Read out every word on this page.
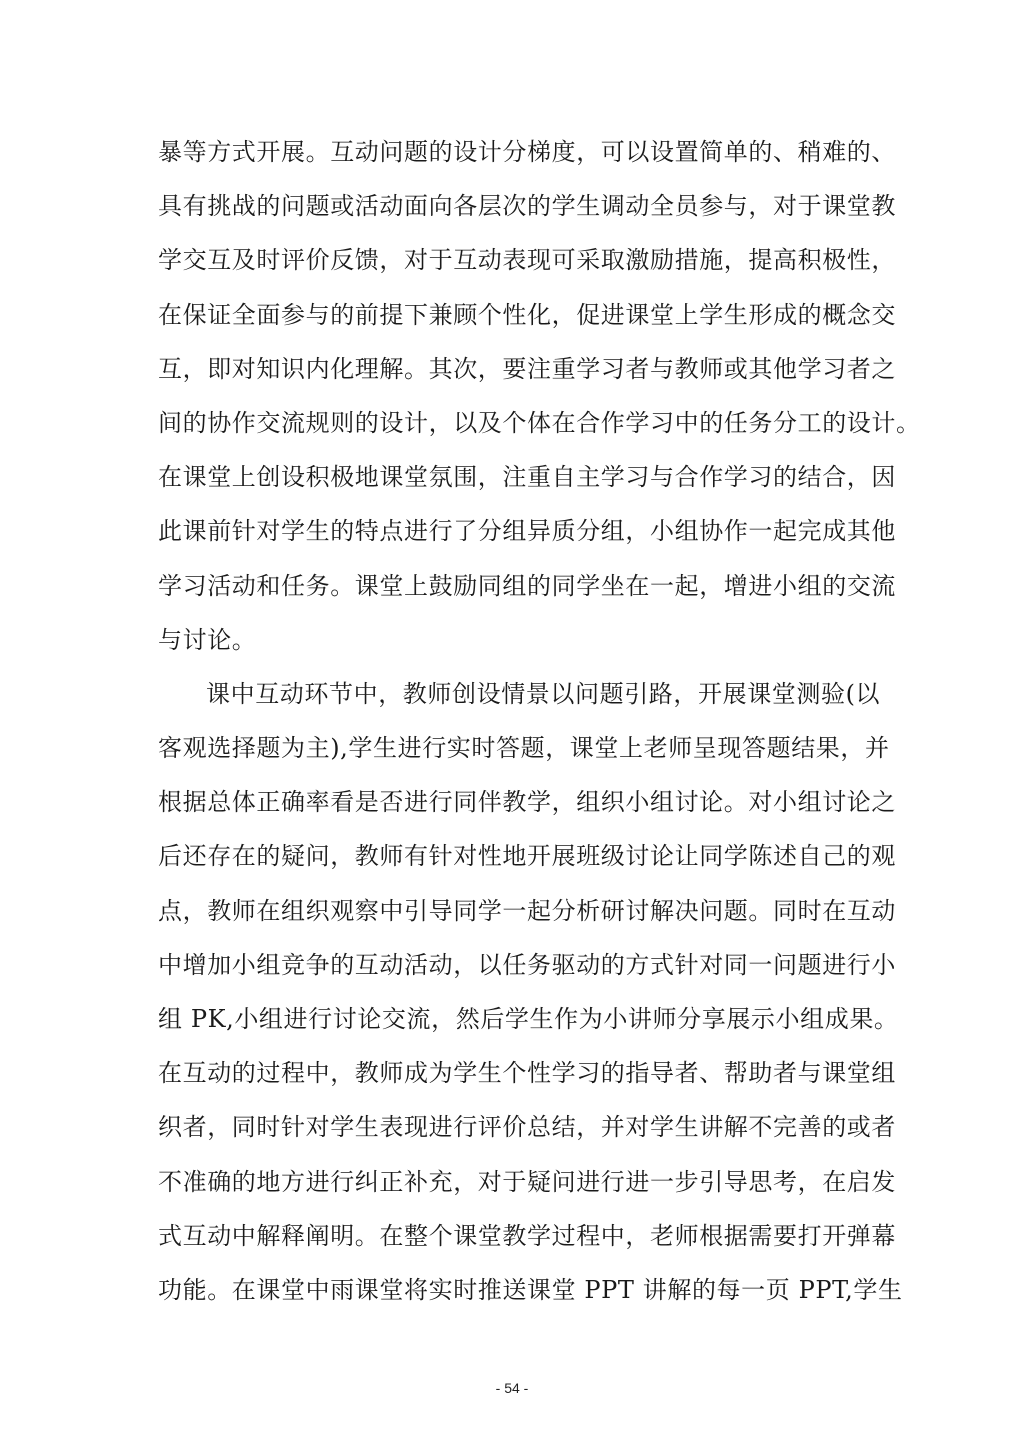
暴等方式开展。互动问题的设计分梯度，可以设置简单的、稍难的、
具有挑战的问题或活动面向各层次的学生调动全员参与，对于课堂教
学交互及时评价反馈，对于互动表现可采取激励措施，提高积极性，
在保证全面参与的前提下兼顾个性化，促进课堂上学生形成的概念交
互，即对知识内化理解。其次，要注重学习者与教师或其他学习者之
间的协作交流规则的设计，以及个体在合作学习中的任务分工的设计。
在课堂上创设积极地课堂氛围，注重自主学习与合作学习的结合，因
此课前针对学生的特点进行了分组异质分组，小组协作一起完成其他
学习活动和任务。课堂上鼓励同组的同学坐在一起，增进小组的交流
与讨论。
课中互动环节中，教师创设情景以问题引路，开展课堂测验(以
客观选择题为主),学生进行实时答题，课堂上老师呈现答题结果，并
根据总体正确率看是否进行同伴教学，组织小组讨论。对小组讨论之
后还存在的疑问，教师有针对性地开展班级讨论让同学陈述自己的观
点，教师在组织观察中引导同学一起分析研讨解决问题。同时在互动
中增加小组竞争的互动活动，以任务驱动的方式针对同一问题进行小
组 PK,小组进行讨论交流，然后学生作为小讲师分享展示小组成果。
在互动的过程中，教师成为学生个性学习的指导者、帮助者与课堂组
织者，同时针对学生表现进行评价总结，并对学生讲解不完善的或者
不准确的地方进行纠正补充，对于疑问进行进一步引导思考，在启发
式互动中解释阐明。在整个课堂教学过程中，老师根据需要打开弹幕
功能。在课堂中雨课堂将实时推送课堂 PPT 讲解的每一页 PPT,学生
- 54 -
